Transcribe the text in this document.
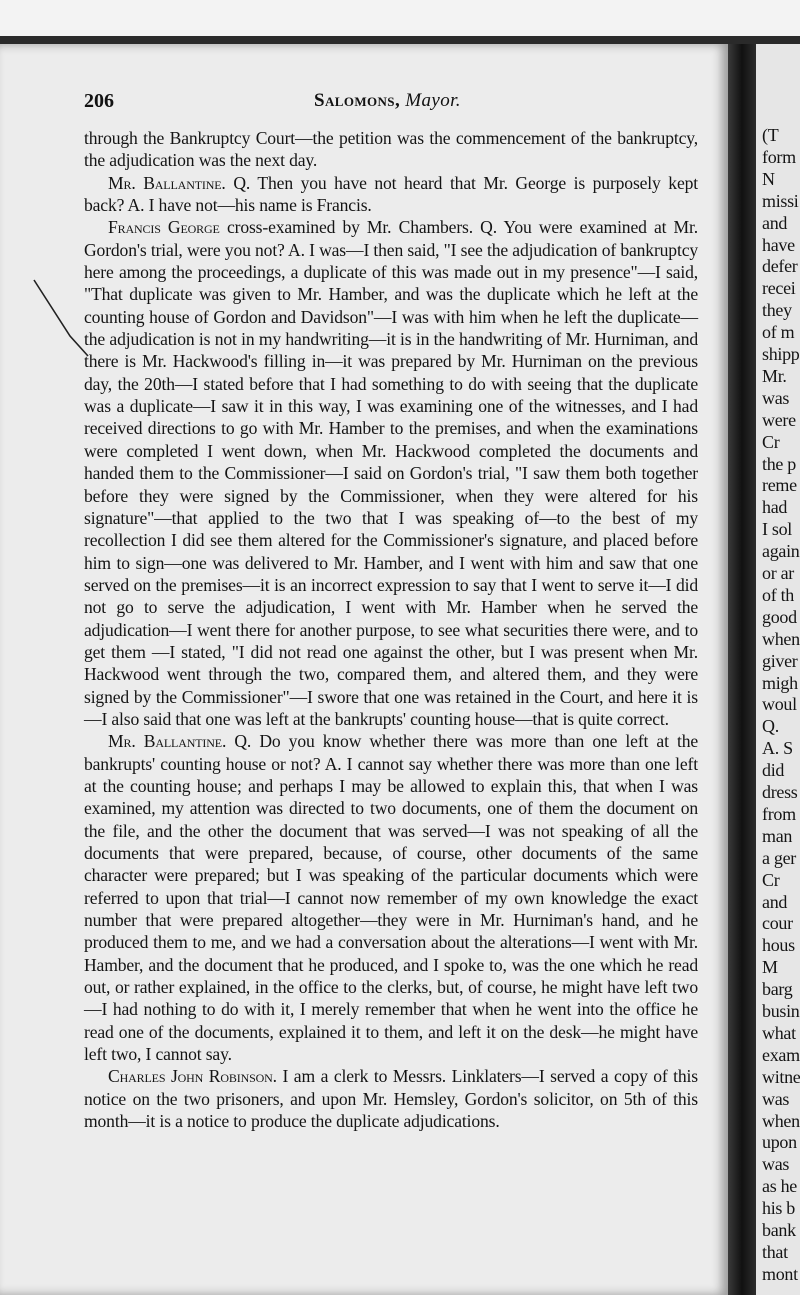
(T
form
N
missi
and
have
defer
recei
they
of m
shipp
Mr.
was
were
Cr
the p
reme
had
I sol
again
or ar
of th
good
when
giver
migh
woul
Q.
A. S
did
dress
from
man
a ger
Cr
and
cour
hous
M
barg
busin
what
exam
witne
was
when
upon
was
as he
his b
bank
that
mont
206	Salomons, Mayor.

through the Bankruptcy Court—the petition was the commencement of the bankruptcy, the adjudication was the next day.

Mr. Ballantine. Q. Then you have not heard that Mr. George is purposely kept back? A. I have not—his name is Francis.

Francis George cross-examined by Mr. Chambers. Q. You were examined at Mr. Gordon's trial, were you not? A. I was—I then said, "I see the adjudication of bankruptcy here among the proceedings, a duplicate of this was made out in my presence"—I said, "That duplicate was given to Mr. Hamber, and was the duplicate which he left at the counting house of Gordon and Davidson"—I was with him when he left the duplicate—the adjudication is not in my handwriting—it is in the handwriting of Mr. Hurniman, and there is Mr. Hackwood's filling in—it was prepared by Mr. Hurniman on the previous day, the 20th—I stated before that I had something to do with seeing that the duplicate was a duplicate—I saw it in this way, I was examining one of the witnesses, and I had received directions to go with Mr. Hamber to the premises, and when the examinations were completed I went down, when Mr. Hackwood completed the documents and handed them to the Commissioner—I said on Gordon's trial, "I saw them both together before they were signed by the Commissioner, when they were altered for his signature"—that applied to the two that I was speaking of—to the best of my recollection I did see them altered for the Commissioner's signature, and placed before him to sign—one was delivered to Mr. Hamber, and I went with him and saw that one served on the premises—it is an incorrect expression to say that I went to serve it—I did not go to serve the adjudication, I went with Mr. Hamber when he served the adjudication—I went there for another purpose, to see what securities there were, and to get them —I stated, "I did not read one against the other, but I was present when Mr. Hackwood went through the two, compared them, and altered them, and they were signed by the Commissioner"—I swore that one was retained in the Court, and here it is—I also said that one was left at the bankrupts' counting house—that is quite correct.

Mr. Ballantine. Q. Do you know whether there was more than one left at the bankrupts' counting house or not? A. I cannot say whether there was more than one left at the counting house; and perhaps I may be allowed to explain this, that when I was examined, my attention was directed to two documents, one of them the document on the file, and the other the document that was served—I was not speaking of all the documents that were prepared, because, of course, other documents of the same character were prepared; but I was speaking of the particular documents which were referred to upon that trial—I cannot now remember of my own knowledge the exact number that were prepared altogether—they were in Mr. Hurniman's hand, and he produced them to me, and we had a conversation about the alterations—I went with Mr. Hamber, and the document that he produced, and I spoke to, was the one which he read out, or rather explained, in the office to the clerks, but, of course, he might have left two—I had nothing to do with it, I merely remember that when he went into the office he read one of the documents, explained it to them, and left it on the desk—he might have left two, I cannot say.

Charles John Robinson. I am a clerk to Messrs. Linklaters—I served a copy of this notice on the two prisoners, and upon Mr. Hemsley, Gordon's solicitor, on 5th of this month—it is a notice to produce the duplicate adjudications.
